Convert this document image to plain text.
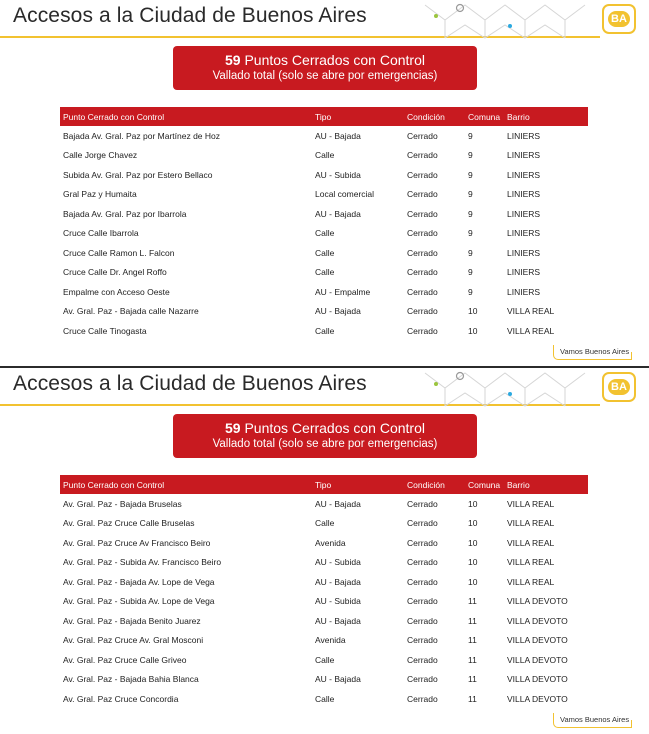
Accesos a la Ciudad de Buenos Aires	BA
59 Puntos Cerrados con Control
Vallado total (solo se abre por emergencias)
Punto Cerrado con Control	Tipo	Condición	Comuna	Barrio
Bajada Av. Gral. Paz por Martínez de Hoz	AU - Bajada	Cerrado	9	LINIERS
Calle Jorge Chavez	Calle	Cerrado	9	LINIERS
Subida Av. Gral. Paz por Estero Bellaco	AU - Subida	Cerrado	9	LINIERS
Gral Paz y Humaita	Local comercial	Cerrado	9	LINIERS
Bajada Av. Gral. Paz por Ibarrola	AU - Bajada	Cerrado	9	LINIERS
Cruce Calle Ibarrola	Calle	Cerrado	9	LINIERS
Cruce Calle Ramon L. Falcon	Calle	Cerrado	9	LINIERS
Cruce Calle Dr. Angel Roffo	Calle	Cerrado	9	LINIERS
Empalme con Acceso Oeste	AU - Empalme	Cerrado	9	LINIERS
Av. Gral. Paz - Bajada calle Nazarre	AU - Bajada	Cerrado	10	VILLA REAL
Cruce Calle Tinogasta	Calle	Cerrado	10	VILLA REAL
Vamos Buenos Aires
Accesos a la Ciudad de Buenos Aires	BA
59 Puntos Cerrados con Control
Vallado total (solo se abre por emergencias)
Punto Cerrado con Control	Tipo	Condición	Comuna	Barrio
Av. Gral. Paz - Bajada Bruselas	AU - Bajada	Cerrado	10	VILLA REAL
Av. Gral. Paz Cruce Calle Bruselas	Calle	Cerrado	10	VILLA REAL
Av. Gral. Paz Cruce Av Francisco Beiro	Avenida	Cerrado	10	VILLA REAL
Av. Gral. Paz - Subida Av. Francisco Beiro	AU - Subida	Cerrado	10	VILLA REAL
Av. Gral. Paz - Bajada Av. Lope de Vega	AU - Bajada	Cerrado	10	VILLA REAL
Av. Gral. Paz - Subida Av. Lope de Vega	AU - Subida	Cerrado	11	VILLA DEVOTO
Av. Gral. Paz - Bajada Benito Juarez	AU - Bajada	Cerrado	11	VILLA DEVOTO
Av. Gral. Paz Cruce Av. Gral Mosconi	Avenida	Cerrado	11	VILLA DEVOTO
Av. Gral. Paz Cruce Calle Griveo	Calle	Cerrado	11	VILLA DEVOTO
Av. Gral. Paz - Bajada Bahia Blanca	AU - Bajada	Cerrado	11	VILLA DEVOTO
Av. Gral. Paz Cruce Concordia	Calle	Cerrado	11	VILLA DEVOTO
Vamos Buenos Aires
